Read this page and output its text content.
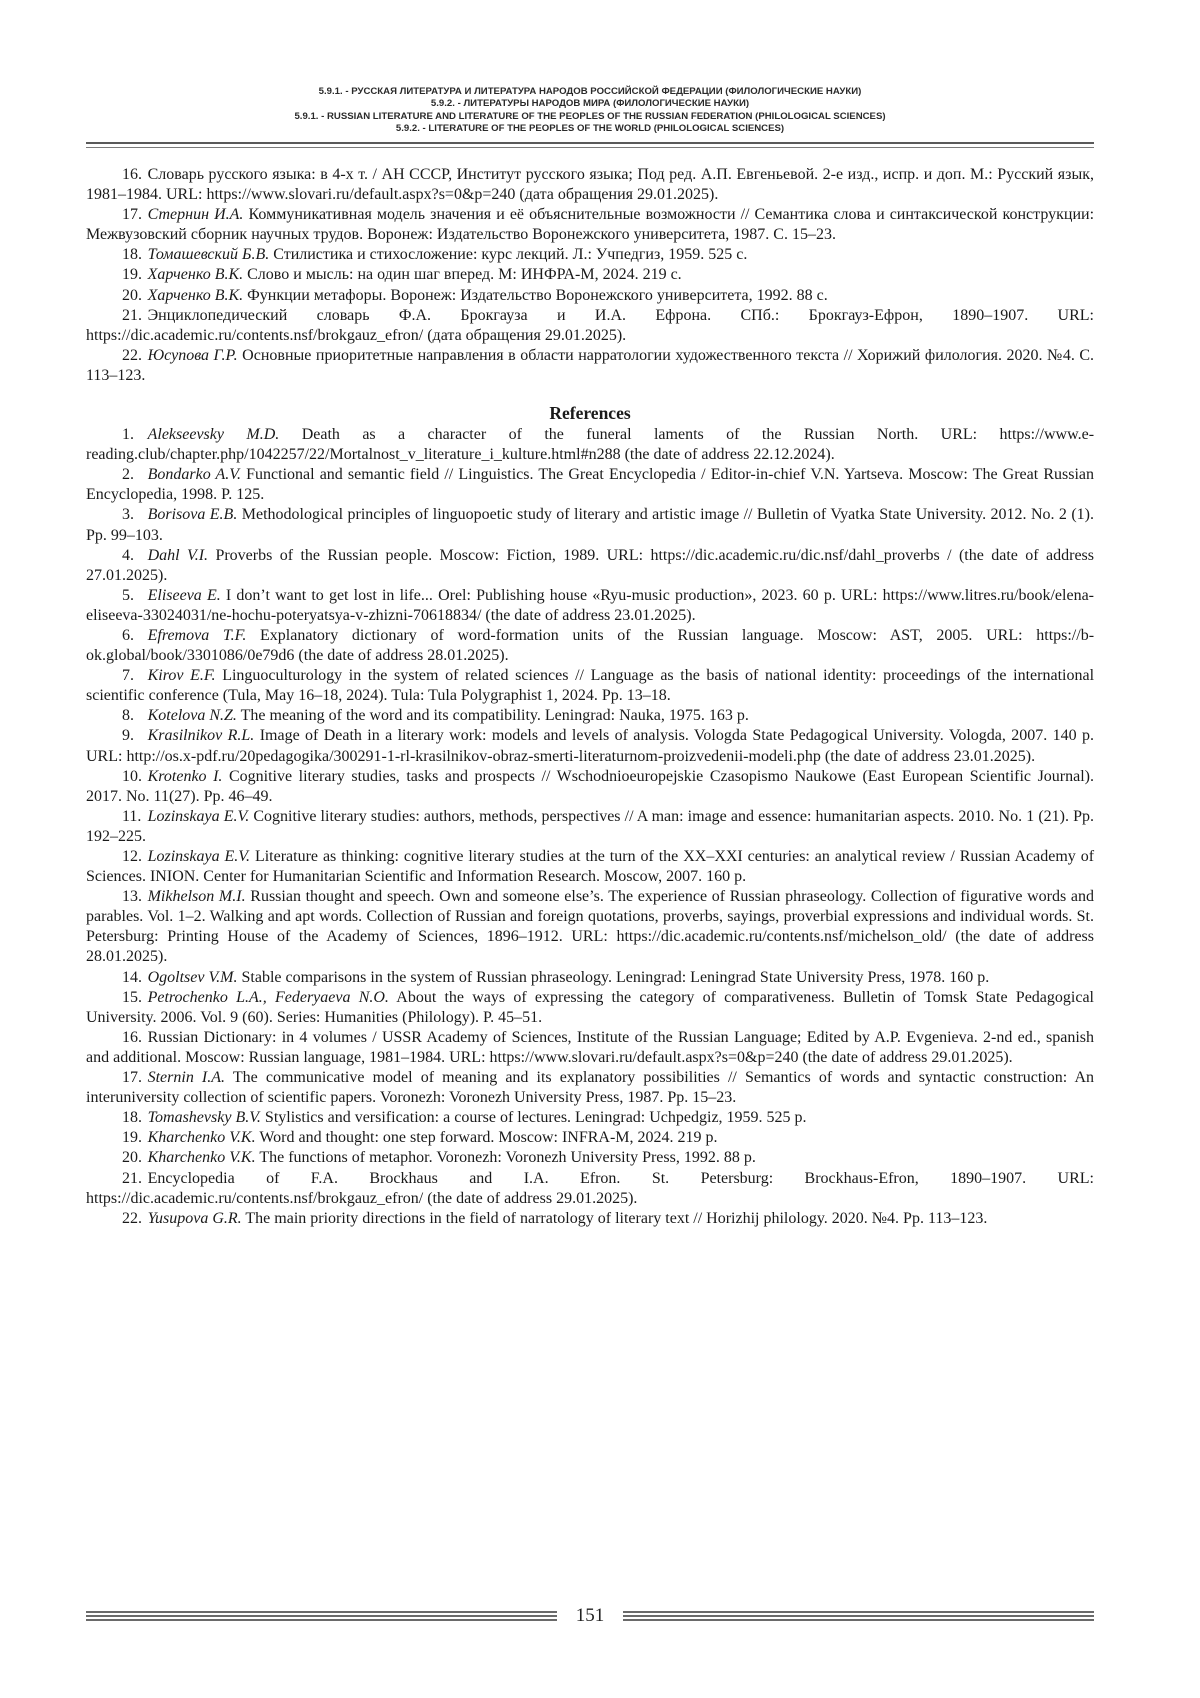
5.9.1. - РУССКАЯ ЛИТЕРАТУРА И ЛИТЕРАТУРА НАРОДОВ РОССИЙСКОЙ ФЕДЕРАЦИИ (ФИЛОЛОГИЧЕСКИЕ НАУКИ)
5.9.2. - ЛИТЕРАТУРЫ НАРОДОВ МИРА (ФИЛОЛОГИЧЕСКИЕ НАУКИ)
5.9.1. - RUSSIAN LITERATURE AND LITERATURE OF THE PEOPLES OF THE RUSSIAN FEDERATION (PHILOLOGICAL SCIENCES)
5.9.2. - LITERATURE OF THE PEOPLES OF THE WORLD (PHILOLOGICAL SCIENCES)

16. Словарь русского языка: в 4-х т. / АН СССР, Институт русского языка; Под ред. А.П. Евгеньевой. 2-е изд., испр. и доп. М.: Русский язык, 1981–1984. URL: https://www.slovari.ru/default.aspx?s=0&p=240 (дата обращения 29.01.2025).

17. Стернин И.А. Коммуникативная модель значения и её объяснительные возможности // Семантика слова и синтаксической конструкции: Межвузовский сборник научных трудов. Воронеж: Издательство Воронежского университета, 1987. С. 15–23.

18. Томашевский Б.В. Стилистика и стихосложение: курс лекций. Л.: Учпедгиз, 1959. 525 с.

19. Харченко В.К. Слово и мысль: на один шаг вперед. М: ИНФРА-М, 2024. 219 с.

20. Харченко В.К. Функции метафоры. Воронеж: Издательство Воронежского университета, 1992. 88 с.

21. Энциклопедический словарь Ф.А. Брокгауза и И.А. Ефрона. СПб.: Брокгауз-Ефрон, 1890–1907. URL: https://dic.academic.ru/contents.nsf/brokgauz_efron/ (дата обращения 29.01.2025).

22. Юсупова Г.Р. Основные приоритетные направления в области нарратологии художественного текста // Хорижий филология. 2020. №4. С. 113–123.

References

1. Alekseevsky M.D. Death as a character of the funeral laments of the Russian North. URL: https://www.e-reading.club/chapter.php/1042257/22/Mortalnost_v_literature_i_kulture.html#n288 (the date of address 22.12.2024).

2. Bondarko A.V. Functional and semantic field // Linguistics. The Great Encyclopedia / Editor-in-chief V.N. Yartseva. Moscow: The Great Russian Encyclopedia, 1998. P. 125.

3. Borisova E.B. Methodological principles of linguopoetic study of literary and artistic image // Bulletin of Vyatka State University. 2012. No. 2 (1). Pp. 99–103.

4. Dahl V.I. Proverbs of the Russian people. Moscow: Fiction, 1989. URL: https://dic.academic.ru/dic.nsf/dahl_proverbs / (the date of address 27.01.2025).

5. Eliseeva E. I don’t want to get lost in life... Orel: Publishing house «Ryu-music production», 2023. 60 p. URL: https://www.litres.ru/book/elena-eliseeva-33024031/ne-hochu-poteryatsya-v-zhizni-70618834/ (the date of address 23.01.2025).

6. Efremova T.F. Explanatory dictionary of word-formation units of the Russian language. Moscow: AST, 2005. URL: https://b-ok.global/book/3301086/0e79d6 (the date of address 28.01.2025).

7. Kirov E.F. Linguoculturology in the system of related sciences // Language as the basis of national identity: proceedings of the international scientific conference (Tula, May 16–18, 2024). Tula: Tula Polygraphist 1, 2024. Pp. 13–18.

8. Kotelova N.Z. The meaning of the word and its compatibility. Leningrad: Nauka, 1975. 163 p.

9. Krasilnikov R.L. Image of Death in a literary work: models and levels of analysis. Vologda State Pedagogical University. Vologda, 2007. 140 p. URL: http://os.x-pdf.ru/20pedagogika/300291-1-rl-krasilnikov-obraz-smerti-literaturnom-proizvedenii-modeli.php (the date of address 23.01.2025).

10. Krotenko I. Cognitive literary studies, tasks and prospects // Wschodnioeuropejskie Czasopismo Naukowe (East European Scientific Journal). 2017. No. 11(27). Pp. 46–49.

11. Lozinskaya E.V. Cognitive literary studies: authors, methods, perspectives // A man: image and essence: humanitarian aspects. 2010. No. 1 (21). Pp. 192–225.

12. Lozinskaya E.V. Literature as thinking: cognitive literary studies at the turn of the XX–XXI centuries: an analytical review / Russian Academy of Sciences. INION. Center for Humanitarian Scientific and Information Research. Moscow, 2007. 160 p.

13. Mikhelson M.I. Russian thought and speech. Own and someone else’s. The experience of Russian phraseology. Collection of figurative words and parables. Vol. 1–2. Walking and apt words. Collection of Russian and foreign quotations, proverbs, sayings, proverbial expressions and individual words. St. Petersburg: Printing House of the Academy of Sciences, 1896–1912. URL: https://dic.academic.ru/contents.nsf/michelson_old/ (the date of address 28.01.2025).

14. Ogoltsev V.M. Stable comparisons in the system of Russian phraseology. Leningrad: Leningrad State University Press, 1978. 160 p.

15. Petrochenko L.A., Federyaeva N.O. About the ways of expressing the category of comparativeness. Bulletin of Tomsk State Pedagogical University. 2006. Vol. 9 (60). Series: Humanities (Philology). P. 45–51.

16. Russian Dictionary: in 4 volumes / USSR Academy of Sciences, Institute of the Russian Language; Edited by A.P. Evgenieva. 2-nd ed., spanish and additional. Moscow: Russian language, 1981–1984. URL: https://www.slovari.ru/default.aspx?s=0&p=240 (the date of address 29.01.2025).

17. Sternin I.A. The communicative model of meaning and its explanatory possibilities // Semantics of words and syntactic construction: An interuniversity collection of scientific papers. Voronezh: Voronezh University Press, 1987. Pp. 15–23.

18. Tomashevsky B.V. Stylistics and versification: a course of lectures. Leningrad: Uchpedgiz, 1959. 525 p.

19. Kharchenko V.K. Word and thought: one step forward. Moscow: INFRA-M, 2024. 219 p.

20. Kharchenko V.K. The functions of metaphor. Voronezh: Voronezh University Press, 1992. 88 p.

21. Encyclopedia of F.A. Brockhaus and I.A. Efron. St. Petersburg: Brockhaus-Efron, 1890–1907. URL: https://dic.academic.ru/contents.nsf/brokgauz_efron/ (the date of address 29.01.2025).

22. Yusupova G.R. The main priority directions in the field of narratology of literary text // Horizhij philology. 2020. №4. Pp. 113–123.

151
